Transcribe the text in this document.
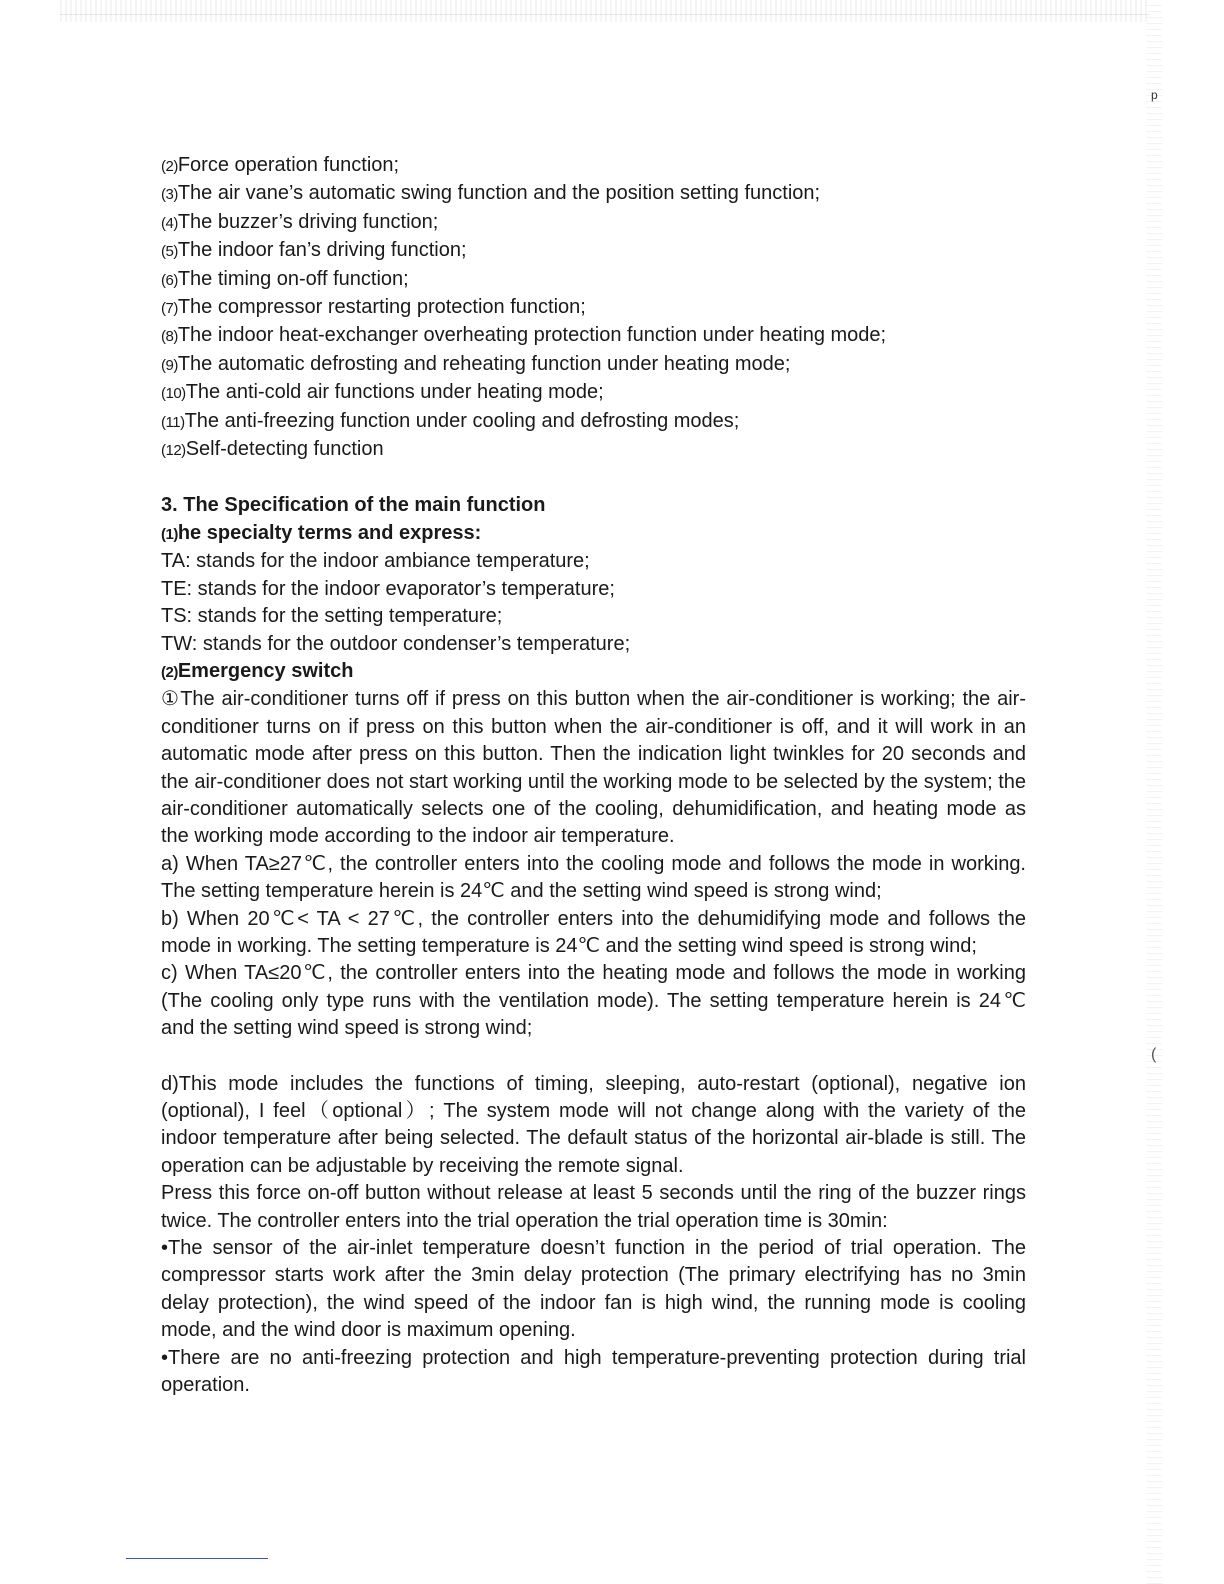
p
(
(2)Force operation function;
(3)The air vane’s automatic swing function and the position setting function;
(4)The buzzer’s driving function;
(5)The indoor fan’s driving function;
(6)The timing on-off function;
(7)The compressor restarting protection function;
(8)The indoor heat-exchanger overheating protection function under heating mode;
(9)The automatic defrosting and reheating function under heating mode;
(10)The anti-cold air functions under heating mode;
(11)The anti-freezing function under cooling and defrosting modes;
(12)Self-detecting function
3. The Specification of the main function
(1)he specialty terms and express:
TA: stands for the indoor ambiance temperature;
TE: stands for the indoor evaporator’s temperature;
TS: stands for the setting temperature;
TW: stands for the outdoor condenser’s temperature;
(2)Emergency switch
①The air-conditioner turns off if press on this button when the air-conditioner is working; the air-conditioner turns on if press on this button when the air-conditioner is off, and it will work in an automatic mode after press on this button. Then the indication light twinkles for 20 seconds and the air-conditioner does not start working until the working mode to be selected by the system; the air-conditioner automatically selects one of the cooling, dehumidification, and heating mode as the working mode according to the indoor air temperature.
a) When TA≥27℃, the controller enters into the cooling mode and follows the mode in working. The setting temperature herein is 24℃ and the setting wind speed is strong wind;
b) When 20℃< TA < 27℃, the controller enters into the dehumidifying mode and follows the mode in working. The setting temperature is 24℃ and the setting wind speed is strong wind;
c) When TA≤20℃, the controller enters into the heating mode and follows the mode in working (The cooling only type runs with the ventilation mode). The setting temperature herein is 24℃ and the setting wind speed is strong wind;
d)This mode includes the functions of timing, sleeping, auto-restart (optional), negative ion (optional), I feel（optional）; The system mode will not change along with the variety of the indoor temperature after being selected. The default status of the horizontal air-blade is still. The operation can be adjustable by receiving the remote signal.
Press this force on-off button without release at least 5 seconds until the ring of the buzzer rings twice. The controller enters into the trial operation the trial operation time is 30min:
•The sensor of the air-inlet temperature doesn’t function in the period of trial operation. The compressor starts work after the 3min delay protection (The primary electrifying has no 3min delay protection), the wind speed of the indoor fan is high wind, the running mode is cooling mode, and the wind door is maximum opening.
•There are no anti-freezing protection and high temperature-preventing protection during trial operation.
